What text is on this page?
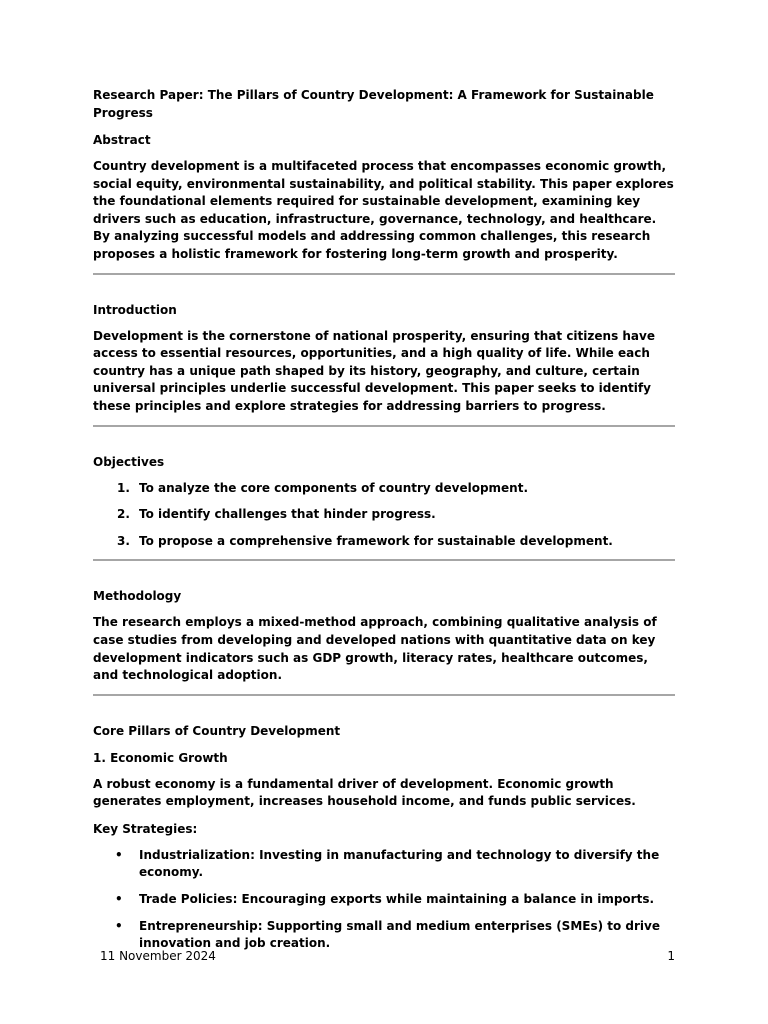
Research Paper: The Pillars of Country Development: A Framework for Sustainable Progress

Abstract

Country development is a multifaceted process that encompasses economic growth, social equity, environmental sustainability, and political stability. This paper explores the foundational elements required for sustainable development, examining key drivers such as education, infrastructure, governance, technology, and healthcare. By analyzing successful models and addressing common challenges, this research proposes a holistic framework for fostering long-term growth and prosperity.

Introduction

Development is the cornerstone of national prosperity, ensuring that citizens have access to essential resources, opportunities, and a high quality of life. While each country has a unique path shaped by its history, geography, and culture, certain universal principles underlie successful development. This paper seeks to identify these principles and explore strategies for addressing barriers to progress.

Objectives

1. To analyze the core components of country development.
2. To identify challenges that hinder progress.
3. To propose a comprehensive framework for sustainable development.

Methodology

The research employs a mixed-method approach, combining qualitative analysis of case studies from developing and developed nations with quantitative data on key development indicators such as GDP growth, literacy rates, healthcare outcomes, and technological adoption.

Core Pillars of Country Development

1. Economic Growth

A robust economy is a fundamental driver of development. Economic growth generates employment, increases household income, and funds public services.

Key Strategies:

• Industrialization: Investing in manufacturing and technology to diversify the economy.
• Trade Policies: Encouraging exports while maintaining a balance in imports.
• Entrepreneurship: Supporting small and medium enterprises (SMEs) to drive innovation and job creation.
11 November 2024	1
